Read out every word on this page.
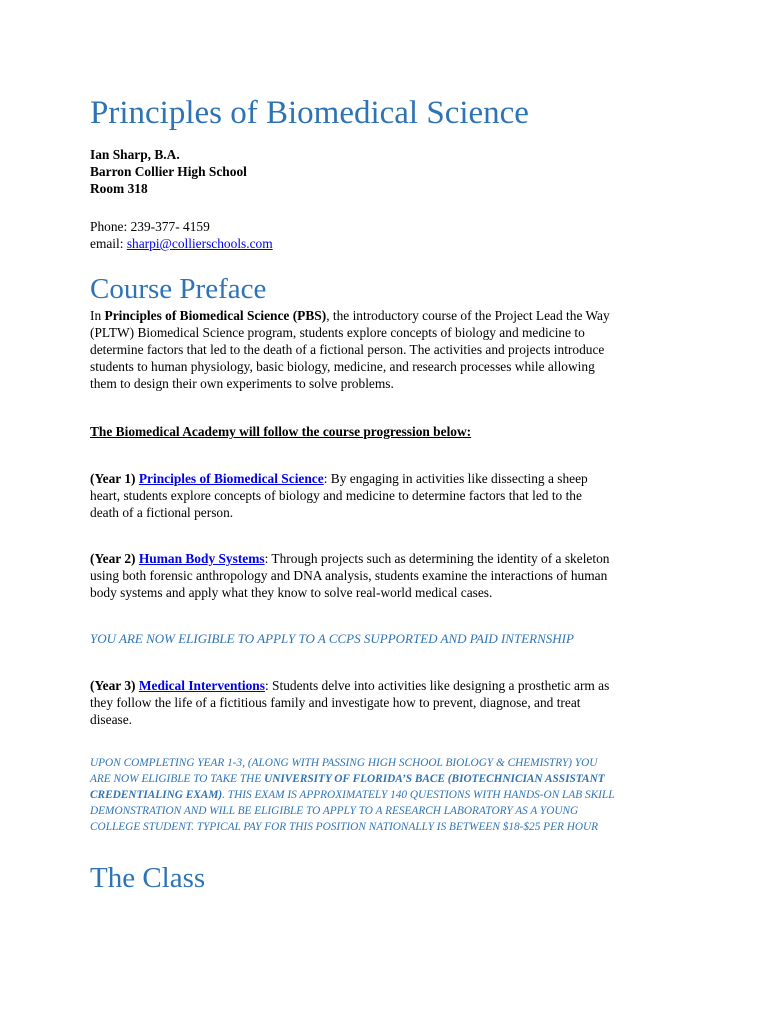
Principles of Biomedical Science
Ian Sharp, B.A.
Barron Collier High School
Room 318
Phone: 239-377- 4159
email: sharpi@collierschools.com
Course Preface
In Principles of Biomedical Science (PBS), the introductory course of the Project Lead the Way
(PLTW) Biomedical Science program, students explore concepts of biology and medicine to
determine factors that led to the death of a fictional person. The activities and projects introduce
students to human physiology, basic biology, medicine, and research processes while allowing
them to design their own experiments to solve problems.
The Biomedical Academy will follow the course progression below:
(Year 1) Principles of Biomedical Science: By engaging in activities like dissecting a sheep
heart, students explore concepts of biology and medicine to determine factors that led to the
death of a fictional person.
(Year 2) Human Body Systems: Through projects such as determining the identity of a skeleton
using both forensic anthropology and DNA analysis, students examine the interactions of human
body systems and apply what they know to solve real-world medical cases.
YOU ARE NOW ELIGIBLE TO APPLY TO A CCPS SUPPORTED AND PAID INTERNSHIP
(Year 3) Medical Interventions: Students delve into activities like designing a prosthetic arm as
they follow the life of a fictitious family and investigate how to prevent, diagnose, and treat
disease.
UPON COMPLETING YEAR 1-3, (ALONG WITH PASSING HIGH SCHOOL BIOLOGY & CHEMISTRY) YOU
ARE NOW ELIGIBLE TO TAKE THE UNIVERSITY OF FLORIDA’S BACE (BIOTECHNICIAN ASSISTANT
CREDENTIALING EXAM). THIS EXAM IS APPROXIMATELY 140 QUESTIONS WITH HANDS-ON LAB SKILL
DEMONSTRATION AND WILL BE ELIGIBLE TO APPLY TO A RESEARCH LABORATORY AS A YOUNG
COLLEGE STUDENT. TYPICAL PAY FOR THIS POSITION NATIONALLY IS BETWEEN $18-$25 PER HOUR
The Class
